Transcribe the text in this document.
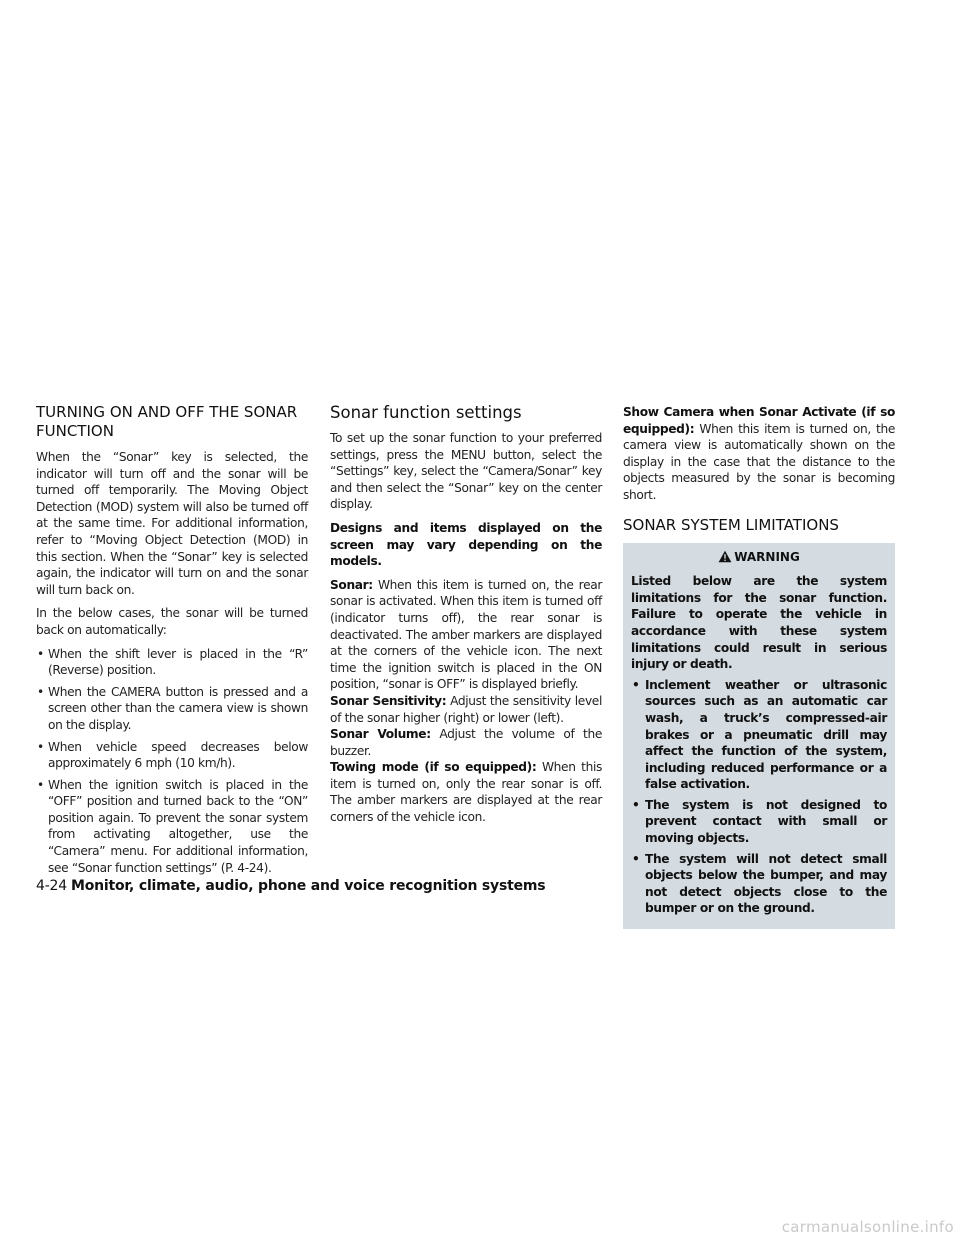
TURNING ON AND OFF THE SONAR
FUNCTION

When the “Sonar” key is selected, the indicator will turn off and the sonar will be turned off temporarily. The Moving Object Detection (MOD) system will also be turned off at the same time. For additional information, refer to “Moving Object Detection (MOD) in this section. When the “Sonar” key is selected again, the indicator will turn on and the sonar will turn back on.

In the below cases, the sonar will be turned back on automatically:

• When the shift lever is placed in the “R” (Reverse) position.
• When the CAMERA button is pressed and a screen other than the camera view is shown on the display.
• When vehicle speed decreases below approximately 6 mph (10 km/h).
• When the ignition switch is placed in the “OFF” position and turned back to the “ON” position again. To prevent the sonar system from activating altogether, use the “Camera” menu. For additional information, see “Sonar function settings” (P. 4-24).
Sonar function settings

To set up the sonar function to your preferred settings, press the MENU button, select the “Settings” key, select the “Camera/Sonar” key and then select the “Sonar” key on the center display.

Designs and items displayed on the screen may vary depending on the models.

Sonar: When this item is turned on, the rear sonar is activated. When this item is turned off (indicator turns off), the rear sonar is deactivated. The amber markers are displayed at the corners of the vehicle icon. The next time the ignition switch is placed in the ON position, “sonar is OFF” is displayed briefly.

Sonar Sensitivity: Adjust the sensitivity level of the sonar higher (right) or lower (left).

Sonar Volume: Adjust the volume of the buzzer.

Towing mode (if so equipped): When this item is turned on, only the rear sonar is off. The amber markers are displayed at the rear corners of the vehicle icon.

Show Camera when Sonar Activate (if so equipped): When this item is turned on, the camera view is automatically shown on the display in the case that the distance to the objects measured by the sonar is becoming short.

SONAR SYSTEM LIMITATIONS
WARNING

Listed below are the system limitations for the sonar function. Failure to operate the vehicle in accordance with these system limitations could result in serious injury or death.

• Inclement weather or ultrasonic sources such as an automatic car wash, a truck’s compressed-air brakes or a pneumatic drill may affect the function of the system, including reduced performance or a false activation.
• The system is not designed to prevent contact with small or moving objects.
• The system will not detect small objects below the bumper, and may not detect objects close to the bumper or on the ground.
4-24 Monitor, climate, audio, phone and voice recognition systems
carmanualsonline.info
